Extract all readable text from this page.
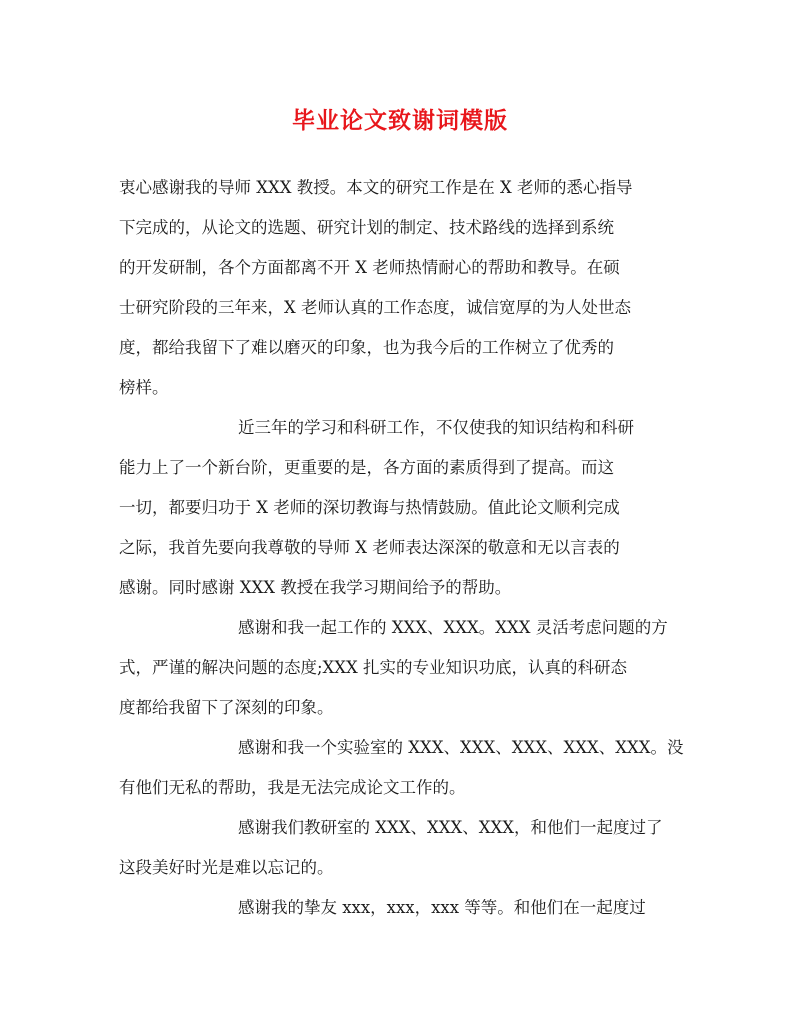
毕业论文致谢词模版
衷心感谢我的导师 XXX 教授。本文的研究工作是在 X 老师的悉心指导
下完成的，从论文的选题、研究计划的制定、技术路线的选择到系统
的开发研制，各个方面都离不开 X 老师热情耐心的帮助和教导。在硕
士研究阶段的三年来，X 老师认真的工作态度，诚信宽厚的为人处世态
度，都给我留下了难以磨灭的印象，也为我今后的工作树立了优秀的
榜样。
近三年的学习和科研工作，不仅使我的知识结构和科研
能力上了一个新台阶，更重要的是，各方面的素质得到了提高。而这
一切，都要归功于 X 老师的深切教诲与热情鼓励。值此论文顺利完成
之际，我首先要向我尊敬的导师 X 老师表达深深的敬意和无以言表的
感谢。同时感谢 XXX 教授在我学习期间给予的帮助。
感谢和我一起工作的 XXX、XXX。XXX 灵活考虑问题的方
式，严谨的解决问题的态度;XXX 扎实的专业知识功底，认真的科研态
度都给我留下了深刻的印象。
感谢和我一个实验室的 XXX、XXX、XXX、XXX、XXX。没
有他们无私的帮助，我是无法完成论文工作的。
感谢我们教研室的 XXX、XXX、XXX，和他们一起度过了
这段美好时光是难以忘记的。
感谢我的挚友 xxx，xxx，xxx 等等。和他们在一起度过
